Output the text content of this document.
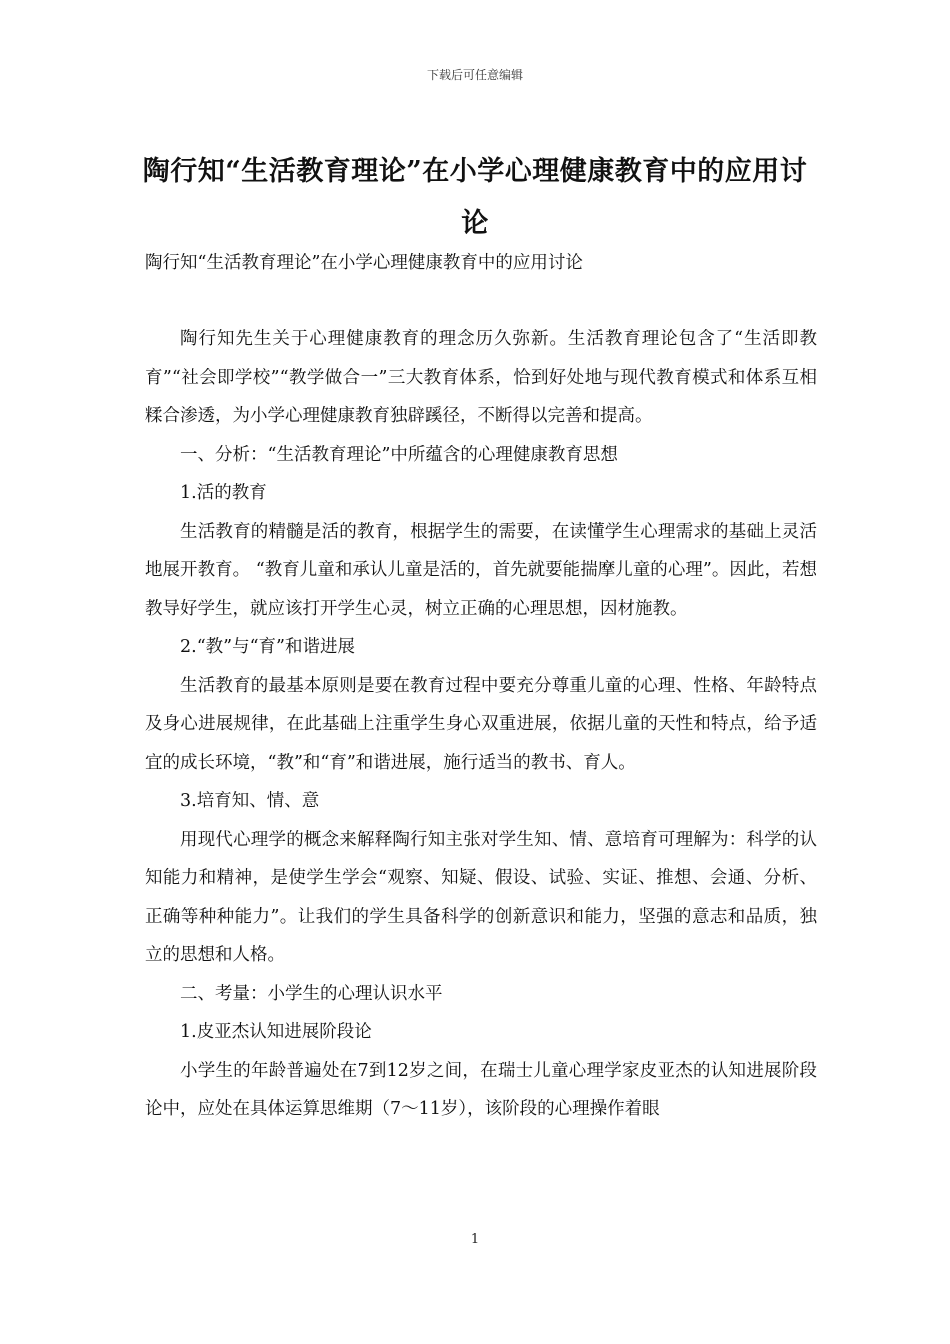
下载后可任意编辑
陶行知“生活教育理论”在小学心理健康教育中的应用讨论
陶行知“生活教育理论”在小学心理健康教育中的应用讨论

陶行知先生关于心理健康教育的理念历久弥新。生活教育理论包含了“生活即教育”“社会即学校”“教学做合一”三大教育体系，恰到好处地与现代教育模式和体系互相糅合渗透，为小学心理健康教育独辟蹊径，不断得以完善和提高。

一、分析：“生活教育理论”中所蕴含的心理健康教育思想

1.活的教育

生活教育的精髓是活的教育，根据学生的需要，在读懂学生心理需求的基础上灵活地展开教育。 “教育儿童和承认儿童是活的，首先就要能揣摩儿童的心理”。因此，若想教导好学生，就应该打开学生心灵，树立正确的心理思想，因材施教。

2.“教”与“育”和谐进展

生活教育的最基本原则是要在教育过程中要充分尊重儿童的心理、性格、年龄特点及身心进展规律，在此基础上注重学生身心双重进展，依据儿童的天性和特点，给予适宜的成长环境，“教”和“育”和谐进展，施行适当的教书、育人。

3.培育知、情、意

用现代心理学的概念来解释陶行知主张对学生知、情、意培育可理解为：科学的认知能力和精神，是使学生学会“观察、知疑、假设、试验、实证、推想、会通、分析、正确等种种能力”。让我们的学生具备科学的创新意识和能力，坚强的意志和品质，独立的思想和人格。

二、考量：小学生的心理认识水平

1.皮亚杰认知进展阶段论

小学生的年龄普遍处在7到12岁之间，在瑞士儿童心理学家皮亚杰的认知进展阶段论中，应处在具体运算思维期（7～11岁），该阶段的心理操作着眼

1
